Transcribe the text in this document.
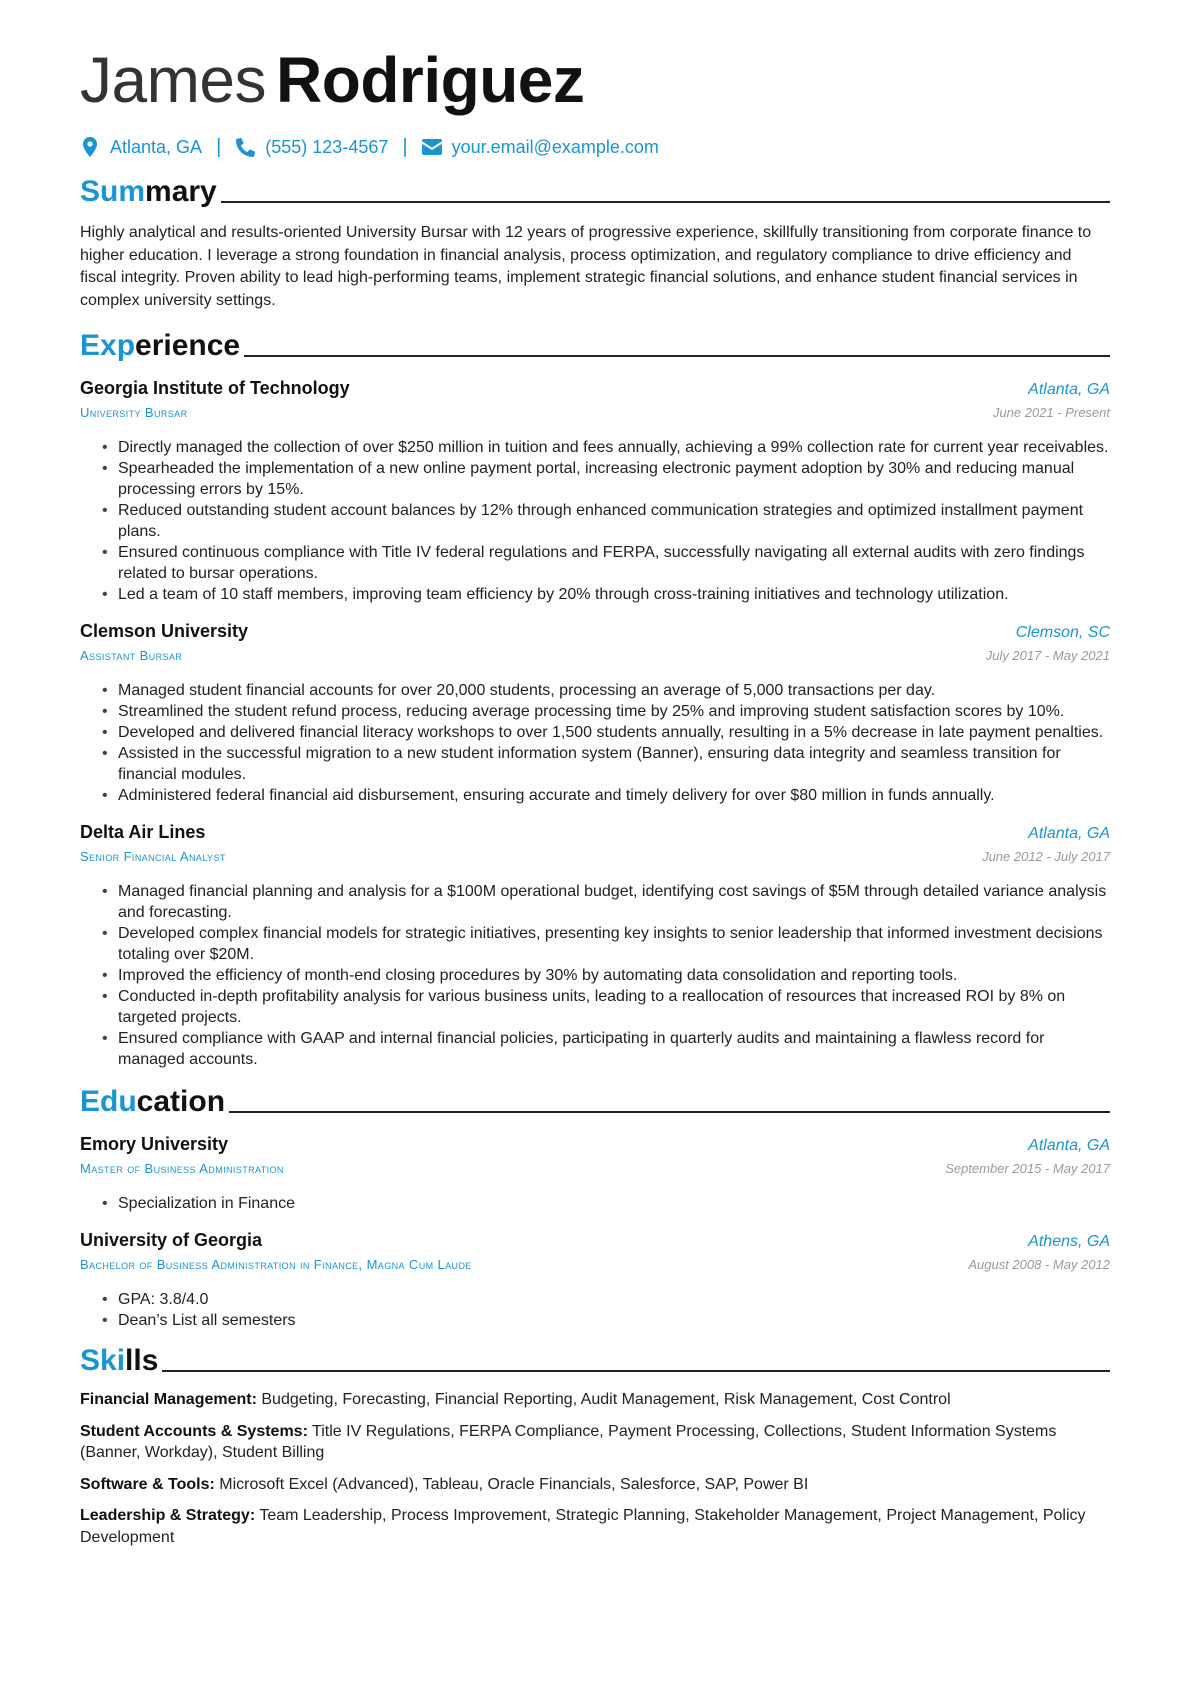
James Rodriguez
Atlanta, GA | (555) 123-4567 | your.email@example.com
Summary

Highly analytical and results-oriented University Bursar with 12 years of progressive experience, skillfully transitioning from corporate finance to higher education. I leverage a strong foundation in financial analysis, process optimization, and regulatory compliance to drive efficiency and fiscal integrity. Proven ability to lead high-performing teams, implement strategic financial solutions, and enhance student financial services in complex university settings.

Experience
Georgia Institute of Technology	Atlanta, GA
University Bursar	June 2021 - Present
• Directly managed the collection of over $250 million in tuition and fees annually, achieving a 99% collection rate for current year receivables.
• Spearheaded the implementation of a new online payment portal, increasing electronic payment adoption by 30% and reducing manual processing errors by 15%.
• Reduced outstanding student account balances by 12% through enhanced communication strategies and optimized installment payment plans.
• Ensured continuous compliance with Title IV federal regulations and FERPA, successfully navigating all external audits with zero findings related to bursar operations.
• Led a team of 10 staff members, improving team efficiency by 20% through cross-training initiatives and technology utilization.
Clemson University	Clemson, SC
Assistant Bursar	July 2017 - May 2021
• Managed student financial accounts for over 20,000 students, processing an average of 5,000 transactions per day.
• Streamlined the student refund process, reducing average processing time by 25% and improving student satisfaction scores by 10%.
• Developed and delivered financial literacy workshops to over 1,500 students annually, resulting in a 5% decrease in late payment penalties.
• Assisted in the successful migration to a new student information system (Banner), ensuring data integrity and seamless transition for financial modules.
• Administered federal financial aid disbursement, ensuring accurate and timely delivery for over $80 million in funds annually.
Delta Air Lines	Atlanta, GA
Senior Financial Analyst	June 2012 - July 2017
• Managed financial planning and analysis for a $100M operational budget, identifying cost savings of $5M through detailed variance analysis and forecasting.
• Developed complex financial models for strategic initiatives, presenting key insights to senior leadership that informed investment decisions totaling over $20M.
• Improved the efficiency of month-end closing procedures by 30% by automating data consolidation and reporting tools.
• Conducted in-depth profitability analysis for various business units, leading to a reallocation of resources that increased ROI by 8% on targeted projects.
• Ensured compliance with GAAP and internal financial policies, participating in quarterly audits and maintaining a flawless record for managed accounts.
Education
Emory University	Atlanta, GA
Master of Business Administration	September 2015 - May 2017
• Specialization in Finance
University of Georgia	Athens, GA
Bachelor of Business Administration in Finance, Magna Cum Laude	August 2008 - May 2012
• GPA: 3.8/4.0
• Dean’s List all semesters
Skills
Financial Management: Budgeting, Forecasting, Financial Reporting, Audit Management, Risk Management, Cost Control
Student Accounts & Systems: Title IV Regulations, FERPA Compliance, Payment Processing, Collections, Student Information Systems (Banner, Workday), Student Billing
Software & Tools: Microsoft Excel (Advanced), Tableau, Oracle Financials, Salesforce, SAP, Power BI
Leadership & Strategy: Team Leadership, Process Improvement, Strategic Planning, Stakeholder Management, Project Management, Policy Development
